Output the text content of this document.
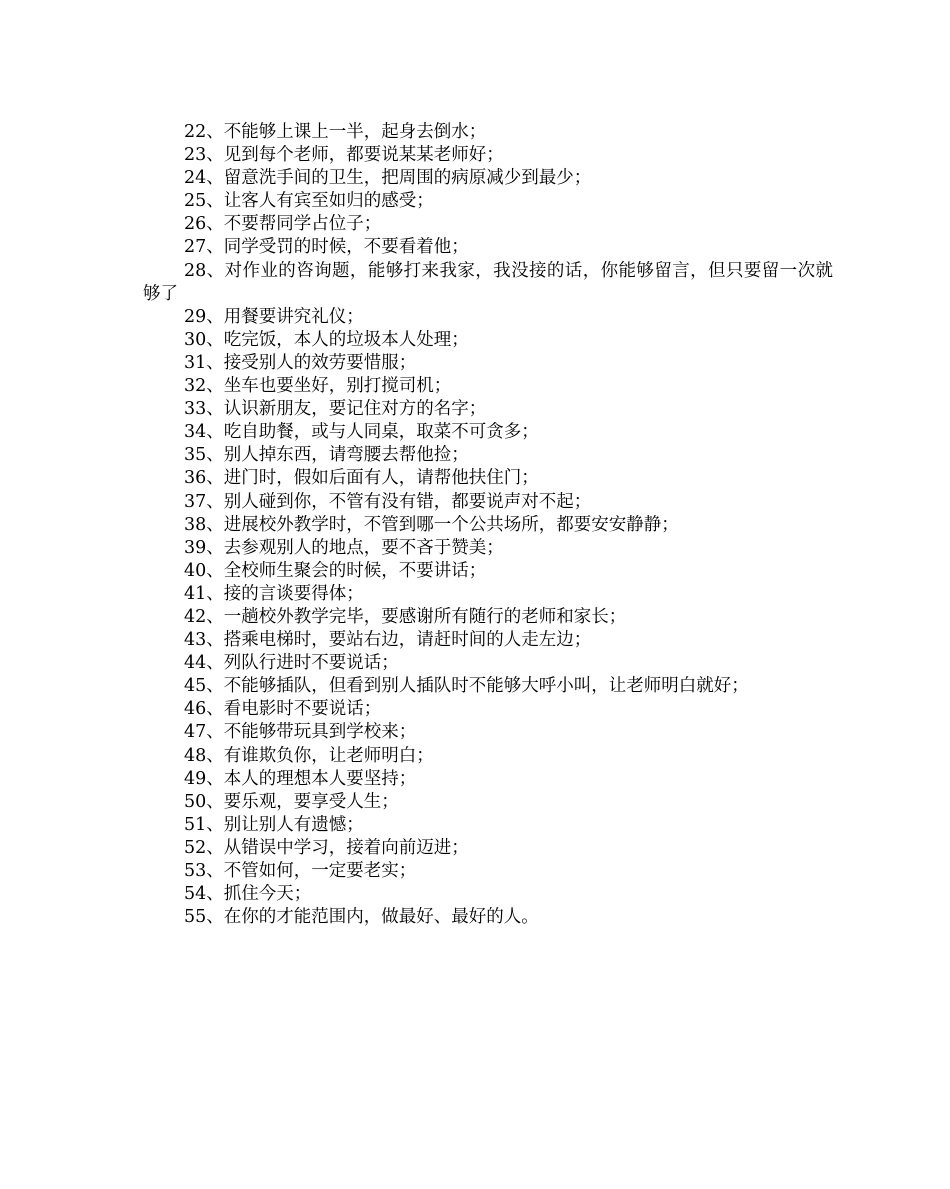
22、不能够上课上一半，起身去倒水；

23、见到每个老师，都要说某某老师好；

24、留意洗手间的卫生，把周围的病原减少到最少；

25、让客人有宾至如归的感受；

26、不要帮同学占位子；

27、同学受罚的时候，不要看着他；

28、对作业的咨询题，能够打来我家，我没接的话，你能够留言，但只要留一次就够了

29、用餐要讲究礼仪；

30、吃完饭，本人的垃圾本人处理；

31、接受别人的效劳要惜服；

32、坐车也要坐好，别打搅司机；

33、认识新朋友，要记住对方的名字；

34、吃自助餐，或与人同桌，取菜不可贪多；

35、别人掉东西，请弯腰去帮他捡；

36、进门时，假如后面有人，请帮他扶住门；

37、别人碰到你，不管有没有错，都要说声对不起；

38、进展校外教学时，不管到哪一个公共场所，都要安安静静；

39、去参观别人的地点，要不吝于赞美；

40、全校师生聚会的时候，不要讲话；

41、接的言谈要得体；

42、一趟校外教学完毕，要感谢所有随行的老师和家长；

43、搭乘电梯时，要站右边，请赶时间的人走左边；

44、列队行进时不要说话；

45、不能够插队，但看到别人插队时不能够大呼小叫，让老师明白就好；

46、看电影时不要说话；

47、不能够带玩具到学校来；

48、有谁欺负你，让老师明白；

49、本人的理想本人要坚持；

50、要乐观，要享受人生；

51、别让别人有遗憾；

52、从错误中学习，接着向前迈进；

53、不管如何，一定要老实；

54、抓住今天；

55、在你的才能范围内，做最好、最好的人。
